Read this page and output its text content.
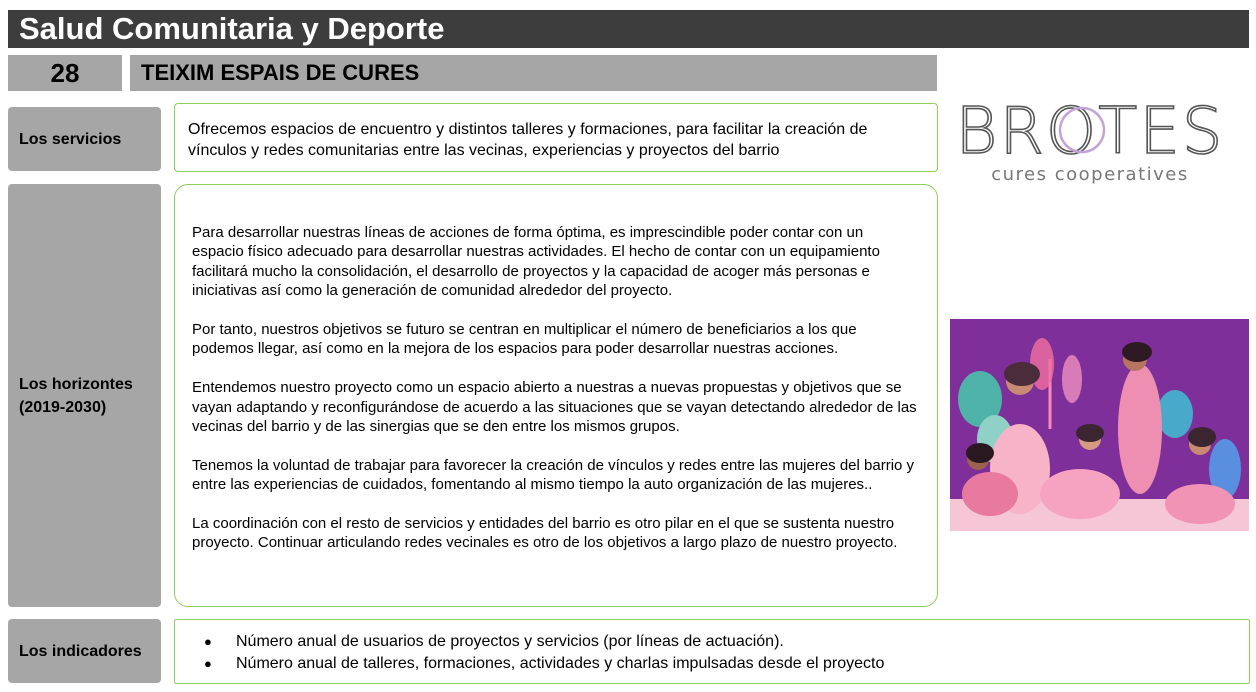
Salud Comunitaria y Deporte
28	TEIXIM ESPAIS DE CURES
Los servicios
Ofrecemos espacios de encuentro y distintos talleres y formaciones, para facilitar la creación de vínculos y redes comunitarias entre las vecinas, experiencias y proyectos del barrio
Los horizontes (2019-2030)

Para desarrollar nuestras líneas de acciones de forma óptima, es imprescindible poder contar con un espacio físico adecuado para desarrollar nuestras actividades. El hecho de contar con un equipamiento facilitará mucho la consolidación, el desarrollo de proyectos y la capacidad de acoger más personas e iniciativas así como la generación de comunidad alrededor del proyecto.

Por tanto, nuestros objetivos se futuro se centran en multiplicar el número de beneficiarios a los que podemos llegar, así como en la mejora de los espacios para poder desarrollar nuestras acciones.

Entendemos nuestro proyecto como un espacio abierto a nuestras a nuevas propuestas y objetivos que se vayan adaptando y reconfigurándose de acuerdo a las situaciones que se vayan detectando alrededor de las vecinas del barrio y de las sinergias que se den entre los mismos grupos.

Tenemos la voluntad de trabajar para favorecer la creación de vínculos y redes entre las mujeres del barrio y entre las experiencias de cuidados, fomentando al mismo tiempo la auto organización de las mujeres..

La coordinación con el resto de servicios y entidades del barrio es otro pilar en el que se sustenta nuestro proyecto. Continuar articulando redes vecinales es otro de los objetivos a largo plazo de nuestro proyecto.

Los indicadores
●	Número anual de usuarios de proyectos y servicios (por líneas de actuación).
●	Número anual de talleres, formaciones, actividades y charlas impulsadas desde el proyecto
BROTES
cures cooperatives
